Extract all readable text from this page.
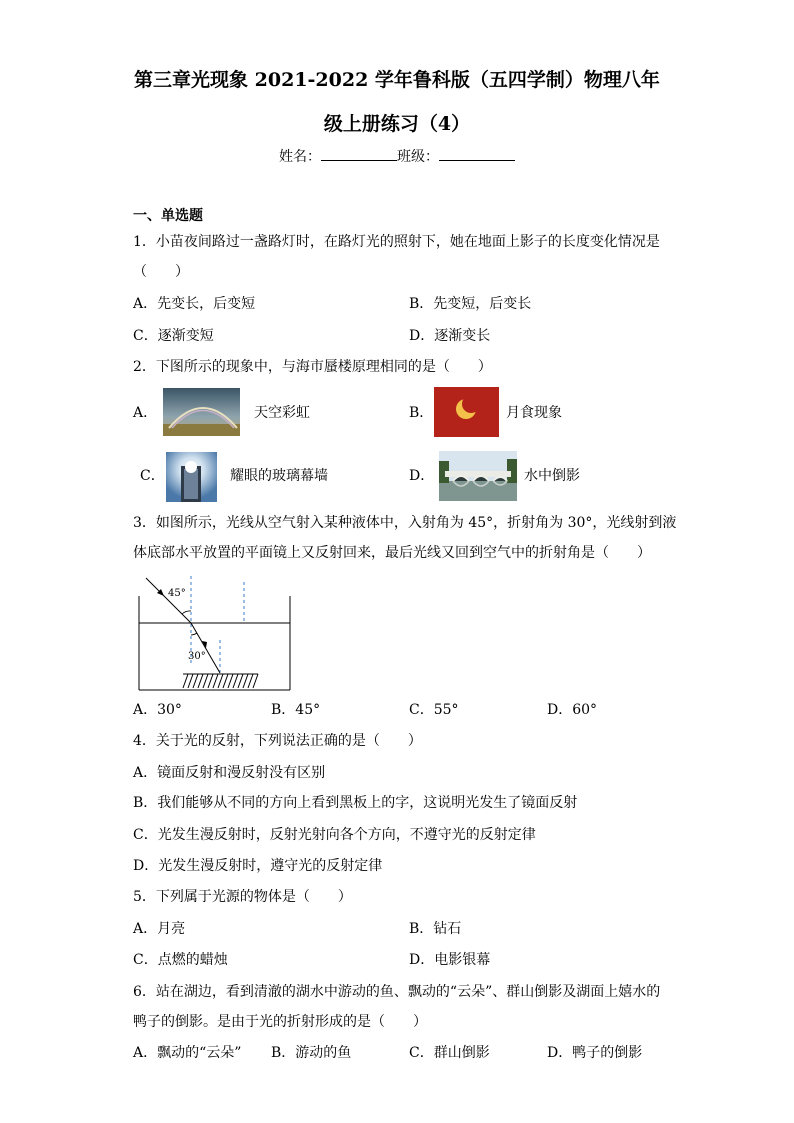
第三章光现象 2021-2022 学年鲁科版（五四学制）物理八年
级上册练习（4）
姓名：	班级：
一、单选题
1．小苗夜间路过一盏路灯时，在路灯光的照射下，她在地面上影子的长度变化情况是
（　　）
A．先变长，后变短	B．先变短，后变长
C．逐渐变短	D．逐渐变长
2．下图所示的现象中，与海市蜃楼原理相同的是（　　）
A．	天空彩虹	B．	月食现象
C．	耀眼的玻璃幕墙	D．	水中倒影
3．如图所示，光线从空气射入某种液体中，入射角为 45°，折射角为 30°，光线射到液
体底部水平放置的平面镜上又反射回来，最后光线又回到空气中的折射角是（　　）
45°
30°
A．30°	B．45°	C．55°	D．60°
4．关于光的反射，下列说法正确的是（　　）
A．镜面反射和漫反射没有区别
B．我们能够从不同的方向上看到黑板上的字，这说明光发生了镜面反射
C．光发生漫反射时，反射光射向各个方向，不遵守光的反射定律
D．光发生漫反射时，遵守光的反射定律
5．下列属于光源的物体是（　　）
A．月亮	B．钻石
C．点燃的蜡烛	D．电影银幕
6．站在湖边，看到清澈的湖水中游动的鱼、飘动的“云朵”、群山倒影及湖面上嬉水的
鸭子的倒影。是由于光的折射形成的是（　　）
A．飘动的“云朵” B．游动的鱼	C．群山倒影	D．鸭子的倒影
